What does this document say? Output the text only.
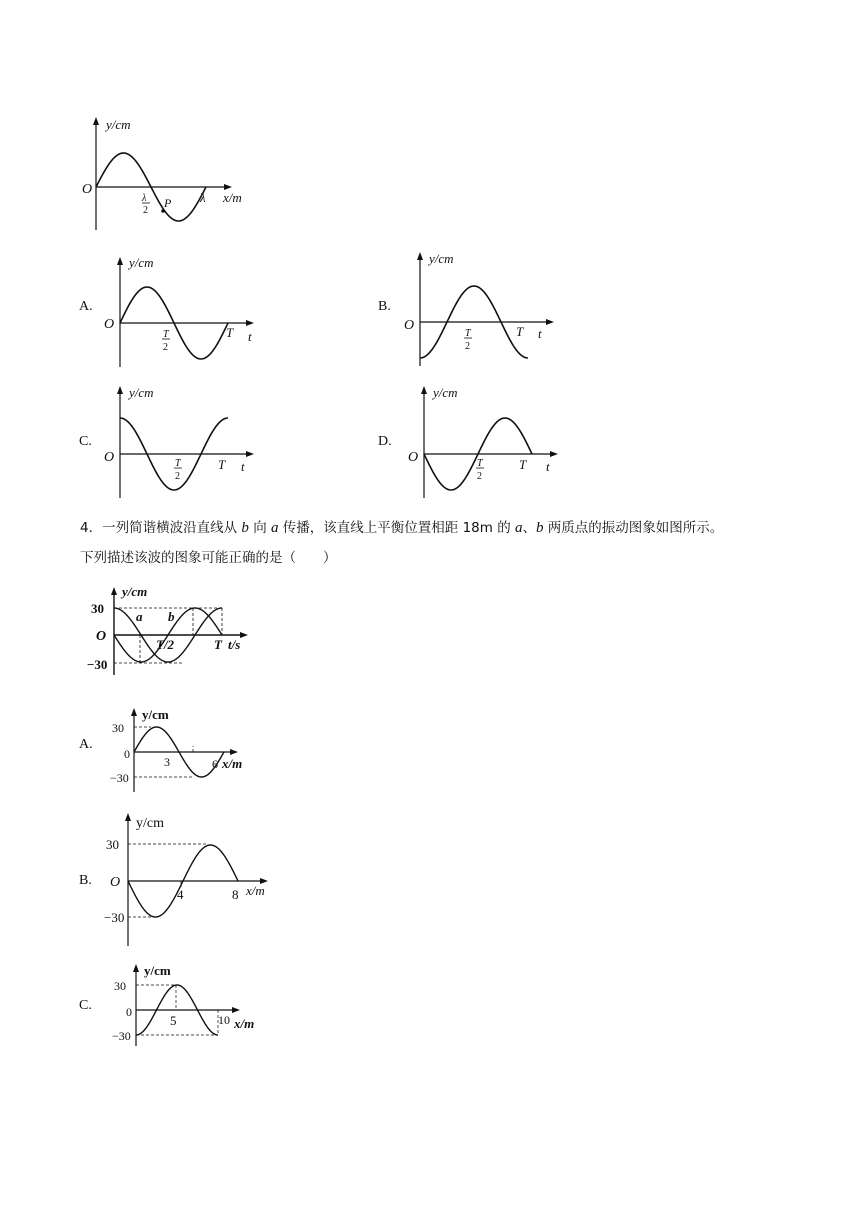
y/cm
O
λ
2
P λ x/m
A.
y/cm
O
T
2
T t
B.
y/cm
O
T
2
T t
C.
y/cm
O	T
2
T t
D.
y/cm
O	T
2
T t

4．一列简谐横波沿直线从 b 向 a 传播，该直线上平衡位置相距 18m 的 a、b 两质点的振动图象如图所示。

下列描述该波的图象可能正确的是（　　）

y/cm
30
O
−30
a b
T/2	T t/s
A.
y/cm
30
0
−30
3	6 x/m
B.
y/cm
30
O
−30
4	8 x/m
C.
y/cm
30
0
−30
5	10 x/m
